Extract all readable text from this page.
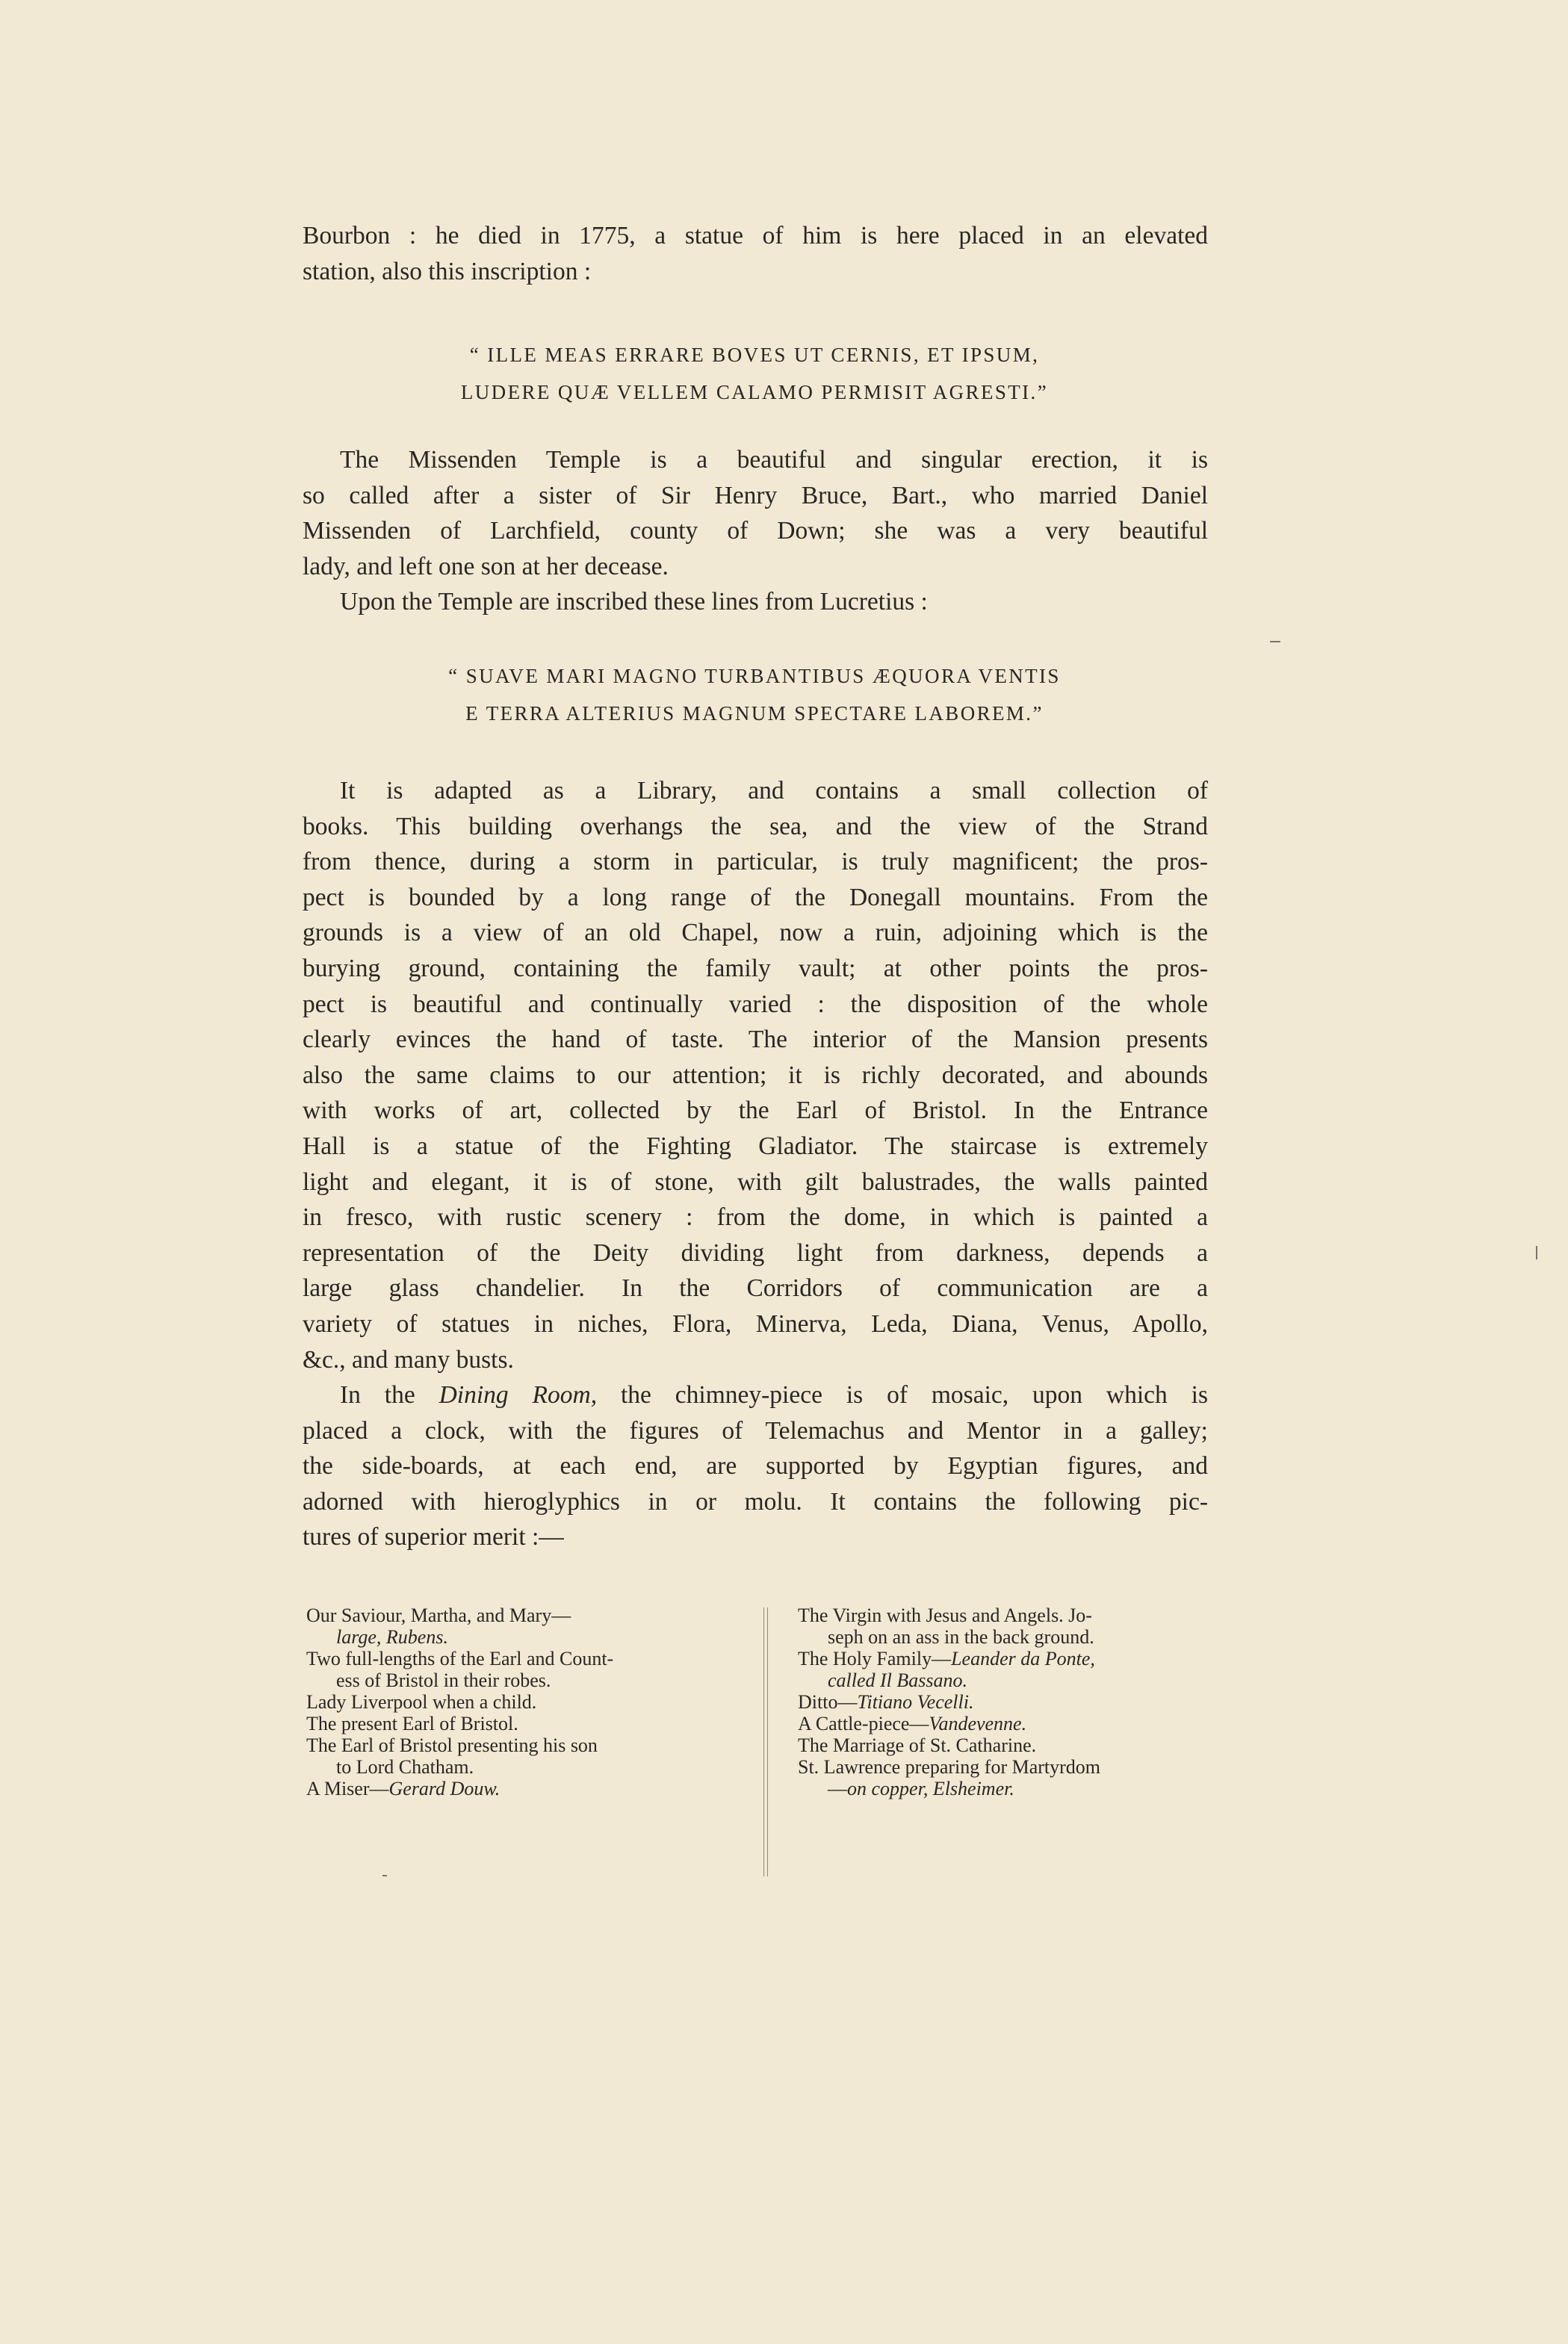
Bourbon : he died in 1775, a statue of him is here placed in an elevated
station, also this inscription :

“ ILLE MEAS ERRARE BOVES UT CERNIS, ET IPSUM,
LUDERE QUÆ VELLEM CALAMO PERMISIT AGRESTI.”

The Missenden Temple is a beautiful and singular erection, it is
so called after a sister of Sir Henry Bruce, Bart., who married Daniel
Missenden of Larchfield, county of Down; she was a very beautiful
lady, and left one son at her decease.
Upon the Temple are inscribed these lines from Lucretius :

“ SUAVE MARI MAGNO TURBANTIBUS ÆQUORA VENTIS
E TERRA ALTERIUS MAGNUM SPECTARE LABOREM.”

It is adapted as a Library, and contains a small collection of
books. This building overhangs the sea, and the view of the Strand
from thence, during a storm in particular, is truly magnificent; the pros-
pect is bounded by a long range of the Donegall mountains. From the
grounds is a view of an old Chapel, now a ruin, adjoining which is the
burying ground, containing the family vault; at other points the pros-
pect is beautiful and continually varied : the disposition of the whole
clearly evinces the hand of taste. The interior of the Mansion presents
also the same claims to our attention; it is richly decorated, and abounds
with works of art, collected by the Earl of Bristol. In the Entrance
Hall is a statue of the Fighting Gladiator. The staircase is extremely
light and elegant, it is of stone, with gilt balustrades, the walls painted
in fresco, with rustic scenery : from the dome, in which is painted a
representation of the Deity dividing light from darkness, depends a
large glass chandelier. In the Corridors of communication are a
variety of statues in niches, Flora, Minerva, Leda, Diana, Venus, Apollo,
&c., and many busts.
In the Dining Room, the chimney-piece is of mosaic, upon which is
placed a clock, with the figures of Telemachus and Mentor in a galley;
the side-boards, at each end, are supported by Egyptian figures, and
adorned with hieroglyphics in or molu. It contains the following pic-
tures of superior merit :—

Our Saviour, Martha, and Mary—
large, Rubens.
Two full-lengths of the Earl and Count-
ess of Bristol in their robes.
Lady Liverpool when a child.
The present Earl of Bristol.
The Earl of Bristol presenting his son
to Lord Chatham.
A Miser—Gerard Douw.
The Virgin with Jesus and Angels. Jo-
seph on an ass in the back ground.
The Holy Family—Leander da Ponte,
called Il Bassano.
Ditto—Titiano Vecelli.
A Cattle-piece—Vandevenne.
The Marriage of St. Catharine.
St. Lawrence preparing for Martyrdom
—on copper, Elsheimer.
